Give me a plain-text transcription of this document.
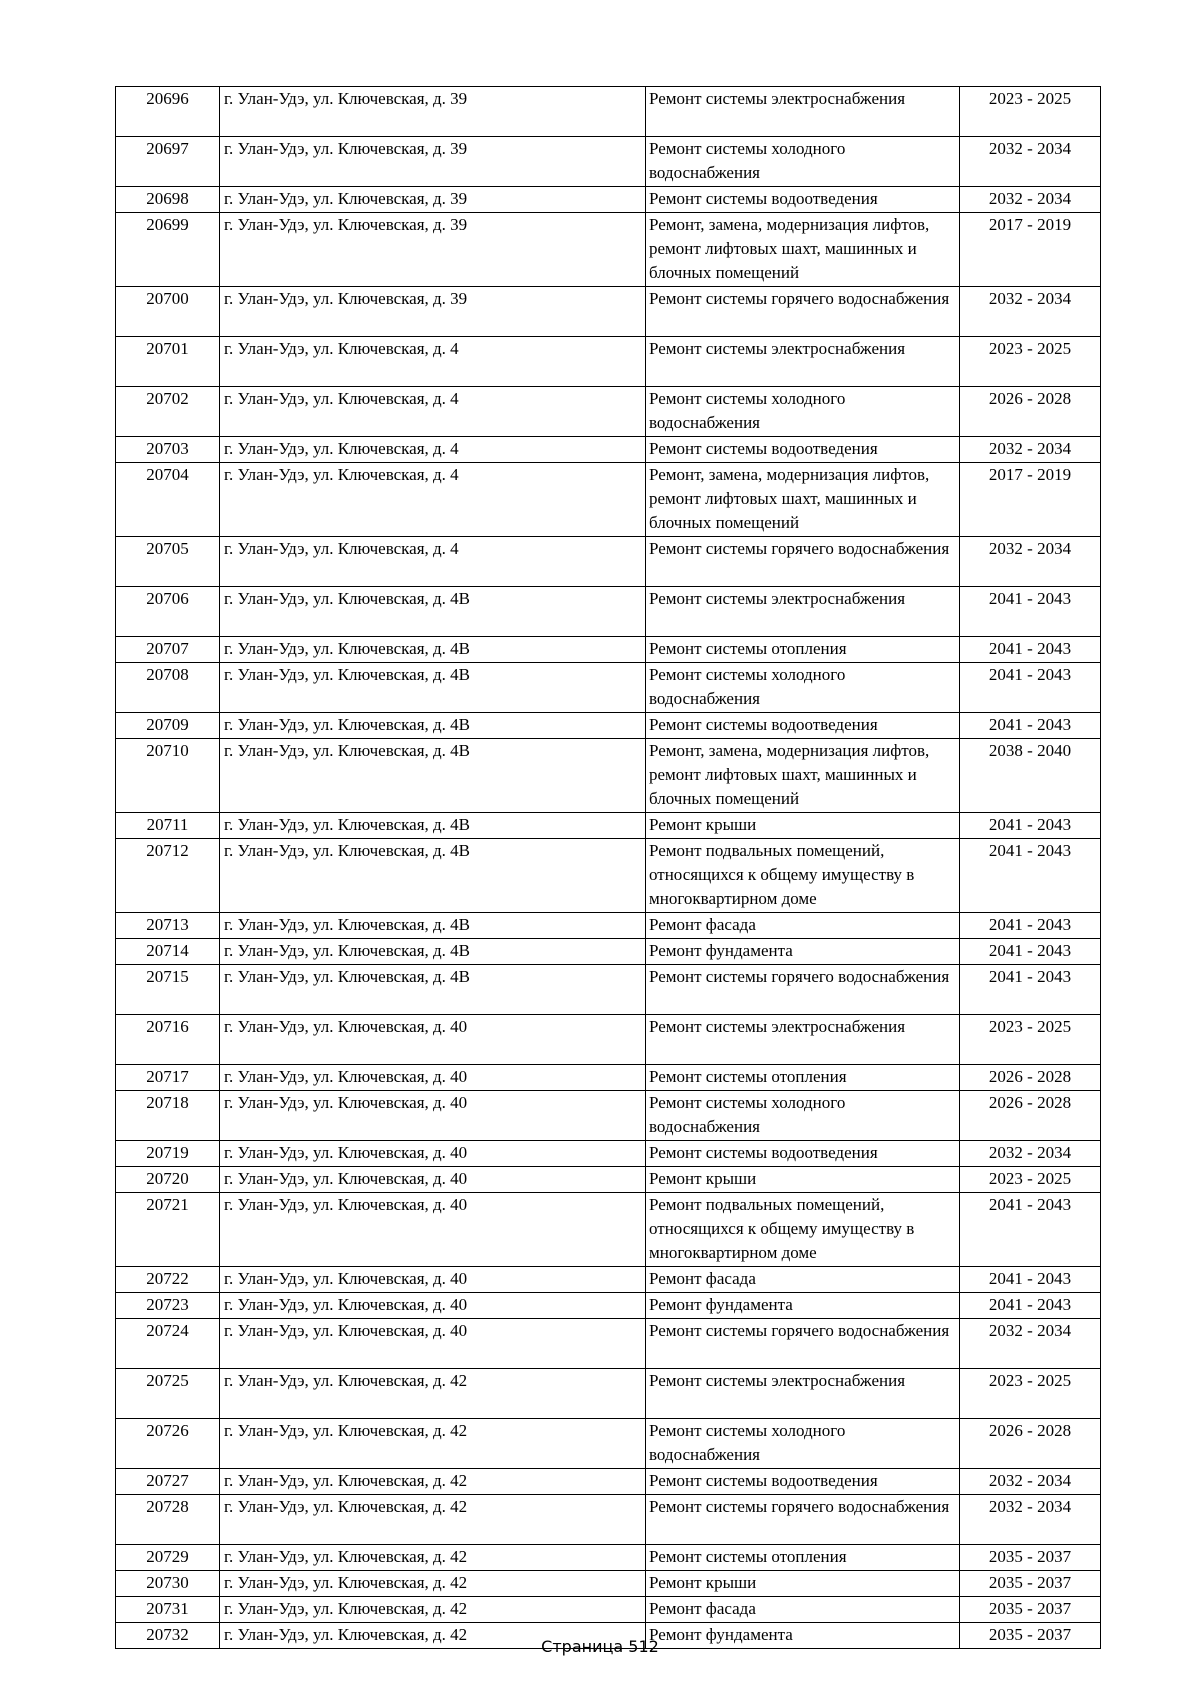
20696	г. Улан-Удэ, ул. Ключевская, д. 39	Ремонт системы электроснабжения	2023 - 2025
20697	г. Улан-Удэ, ул. Ключевская, д. 39	Ремонт системы холодного водоснабжения	2032 - 2034
20698	г. Улан-Удэ, ул. Ключевская, д. 39	Ремонт системы водоотведения	2032 - 2034
20699	г. Улан-Удэ, ул. Ключевская, д. 39	Ремонт, замена, модернизация лифтов, ремонт лифтовых шахт, машинных и блочных помещений	2017 - 2019
20700	г. Улан-Удэ, ул. Ключевская, д. 39	Ремонт системы горячего водоснабжения	2032 - 2034
20701	г. Улан-Удэ, ул. Ключевская, д. 4	Ремонт системы электроснабжения	2023 - 2025
20702	г. Улан-Удэ, ул. Ключевская, д. 4	Ремонт системы холодного водоснабжения	2026 - 2028
20703	г. Улан-Удэ, ул. Ключевская, д. 4	Ремонт системы водоотведения	2032 - 2034
20704	г. Улан-Удэ, ул. Ключевская, д. 4	Ремонт, замена, модернизация лифтов, ремонт лифтовых шахт, машинных и блочных помещений	2017 - 2019
20705	г. Улан-Удэ, ул. Ключевская, д. 4	Ремонт системы горячего водоснабжения	2032 - 2034
20706	г. Улан-Удэ, ул. Ключевская, д. 4В	Ремонт системы электроснабжения	2041 - 2043
20707	г. Улан-Удэ, ул. Ключевская, д. 4В	Ремонт системы отопления	2041 - 2043
20708	г. Улан-Удэ, ул. Ключевская, д. 4В	Ремонт системы холодного водоснабжения	2041 - 2043
20709	г. Улан-Удэ, ул. Ключевская, д. 4В	Ремонт системы водоотведения	2041 - 2043
20710	г. Улан-Удэ, ул. Ключевская, д. 4В	Ремонт, замена, модернизация лифтов, ремонт лифтовых шахт, машинных и блочных помещений	2038 - 2040
20711	г. Улан-Удэ, ул. Ключевская, д. 4В	Ремонт крыши	2041 - 2043
20712	г. Улан-Удэ, ул. Ключевская, д. 4В	Ремонт подвальных помещений, относящихся к общему имуществу в многоквартирном доме	2041 - 2043
20713	г. Улан-Удэ, ул. Ключевская, д. 4В	Ремонт фасада	2041 - 2043
20714	г. Улан-Удэ, ул. Ключевская, д. 4В	Ремонт фундамента	2041 - 2043
20715	г. Улан-Удэ, ул. Ключевская, д. 4В	Ремонт системы горячего водоснабжения	2041 - 2043
20716	г. Улан-Удэ, ул. Ключевская, д. 40	Ремонт системы электроснабжения	2023 - 2025
20717	г. Улан-Удэ, ул. Ключевская, д. 40	Ремонт системы отопления	2026 - 2028
20718	г. Улан-Удэ, ул. Ключевская, д. 40	Ремонт системы холодного водоснабжения	2026 - 2028
20719	г. Улан-Удэ, ул. Ключевская, д. 40	Ремонт системы водоотведения	2032 - 2034
20720	г. Улан-Удэ, ул. Ключевская, д. 40	Ремонт крыши	2023 - 2025
20721	г. Улан-Удэ, ул. Ключевская, д. 40	Ремонт подвальных помещений, относящихся к общему имуществу в многоквартирном доме	2041 - 2043
20722	г. Улан-Удэ, ул. Ключевская, д. 40	Ремонт фасада	2041 - 2043
20723	г. Улан-Удэ, ул. Ключевская, д. 40	Ремонт фундамента	2041 - 2043
20724	г. Улан-Удэ, ул. Ключевская, д. 40	Ремонт системы горячего водоснабжения	2032 - 2034
20725	г. Улан-Удэ, ул. Ключевская, д. 42	Ремонт системы электроснабжения	2023 - 2025
20726	г. Улан-Удэ, ул. Ключевская, д. 42	Ремонт системы холодного водоснабжения	2026 - 2028
20727	г. Улан-Удэ, ул. Ключевская, д. 42	Ремонт системы водоотведения	2032 - 2034
20728	г. Улан-Удэ, ул. Ключевская, д. 42	Ремонт системы горячего водоснабжения	2032 - 2034
20729	г. Улан-Удэ, ул. Ключевская, д. 42	Ремонт системы отопления	2035 - 2037
20730	г. Улан-Удэ, ул. Ключевская, д. 42	Ремонт крыши	2035 - 2037
20731	г. Улан-Удэ, ул. Ключевская, д. 42	Ремонт фасада	2035 - 2037
20732	г. Улан-Удэ, ул. Ключевская, д. 42	Ремонт фундамента	2035 - 2037
Страница 512
